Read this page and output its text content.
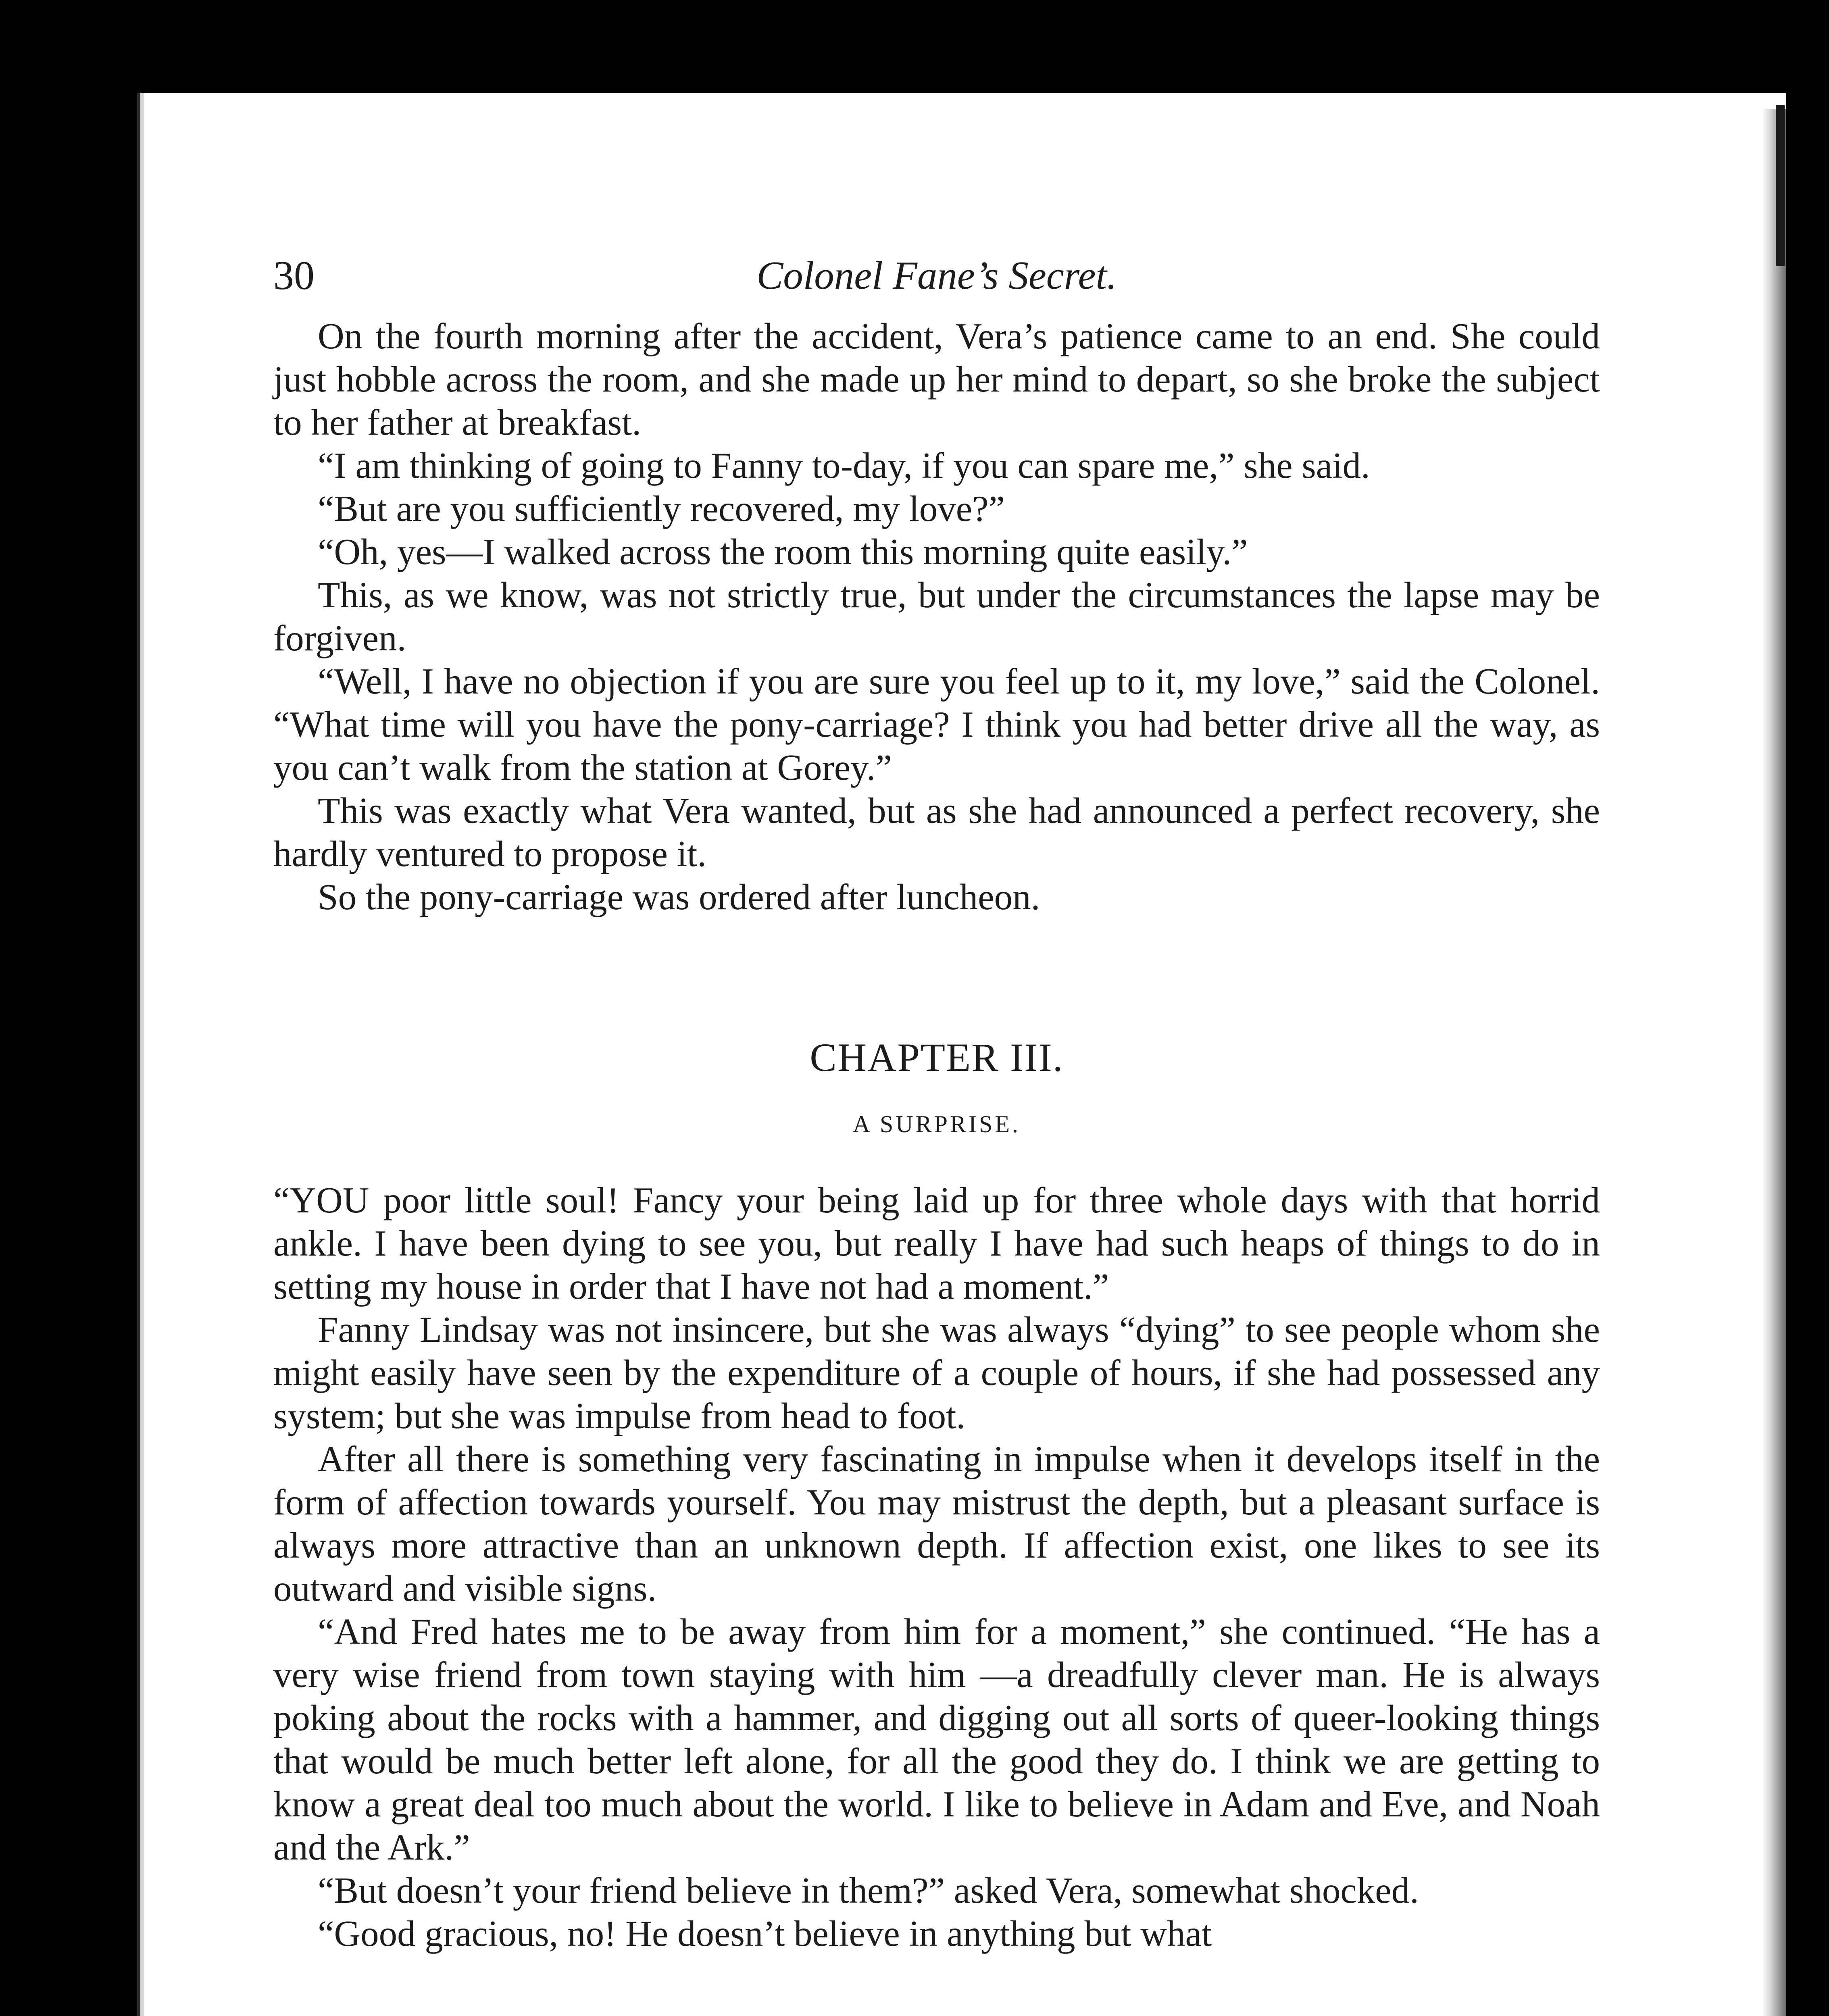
30	Colonel Fane’s Secret.

On the fourth morning after the accident, Vera’s patience came to an end. She could just hobble across the room, and she made up her mind to depart, so she broke the subject to her father at breakfast.

“I am thinking of going to Fanny to-day, if you can spare me,” she said.

“But are you sufficiently recovered, my love?”

“Oh, yes—I walked across the room this morning quite easily.”

This, as we know, was not strictly true, but under the circumstances the lapse may be forgiven.

“Well, I have no objection if you are sure you feel up to it, my love,” said the Colonel. “What time will you have the pony-carriage? I think you had better drive all the way, as you can’t walk from the station at Gorey.”

This was exactly what Vera wanted, but as she had announced a perfect recovery, she hardly ventured to propose it.

So the pony-carriage was ordered after luncheon.

CHAPTER III.
A SURPRISE.

“YOU poor little soul! Fancy your being laid up for three whole days with that horrid ankle. I have been dying to see you, but really I have had such heaps of things to do in setting my house in order that I have not had a moment.”

Fanny Lindsay was not insincere, but she was always “dying” to see people whom she might easily have seen by the expenditure of a couple of hours, if she had possessed any system; but she was impulse from head to foot.

After all there is something very fascinating in impulse when it develops itself in the form of affection towards yourself. You may mistrust the depth, but a pleasant surface is always more attractive than an unknown depth. If affection exist, one likes to see its outward and visible signs.

“And Fred hates me to be away from him for a moment,” she continued. “He has a very wise friend from town staying with him —a dreadfully clever man. He is always poking about the rocks with a hammer, and digging out all sorts of queer-looking things that would be much better left alone, for all the good they do. I think we are getting to know a great deal too much about the world. I like to believe in Adam and Eve, and Noah and the Ark.”

“But doesn’t your friend believe in them?” asked Vera, somewhat shocked.

“Good gracious, no! He doesn’t believe in anything but what
